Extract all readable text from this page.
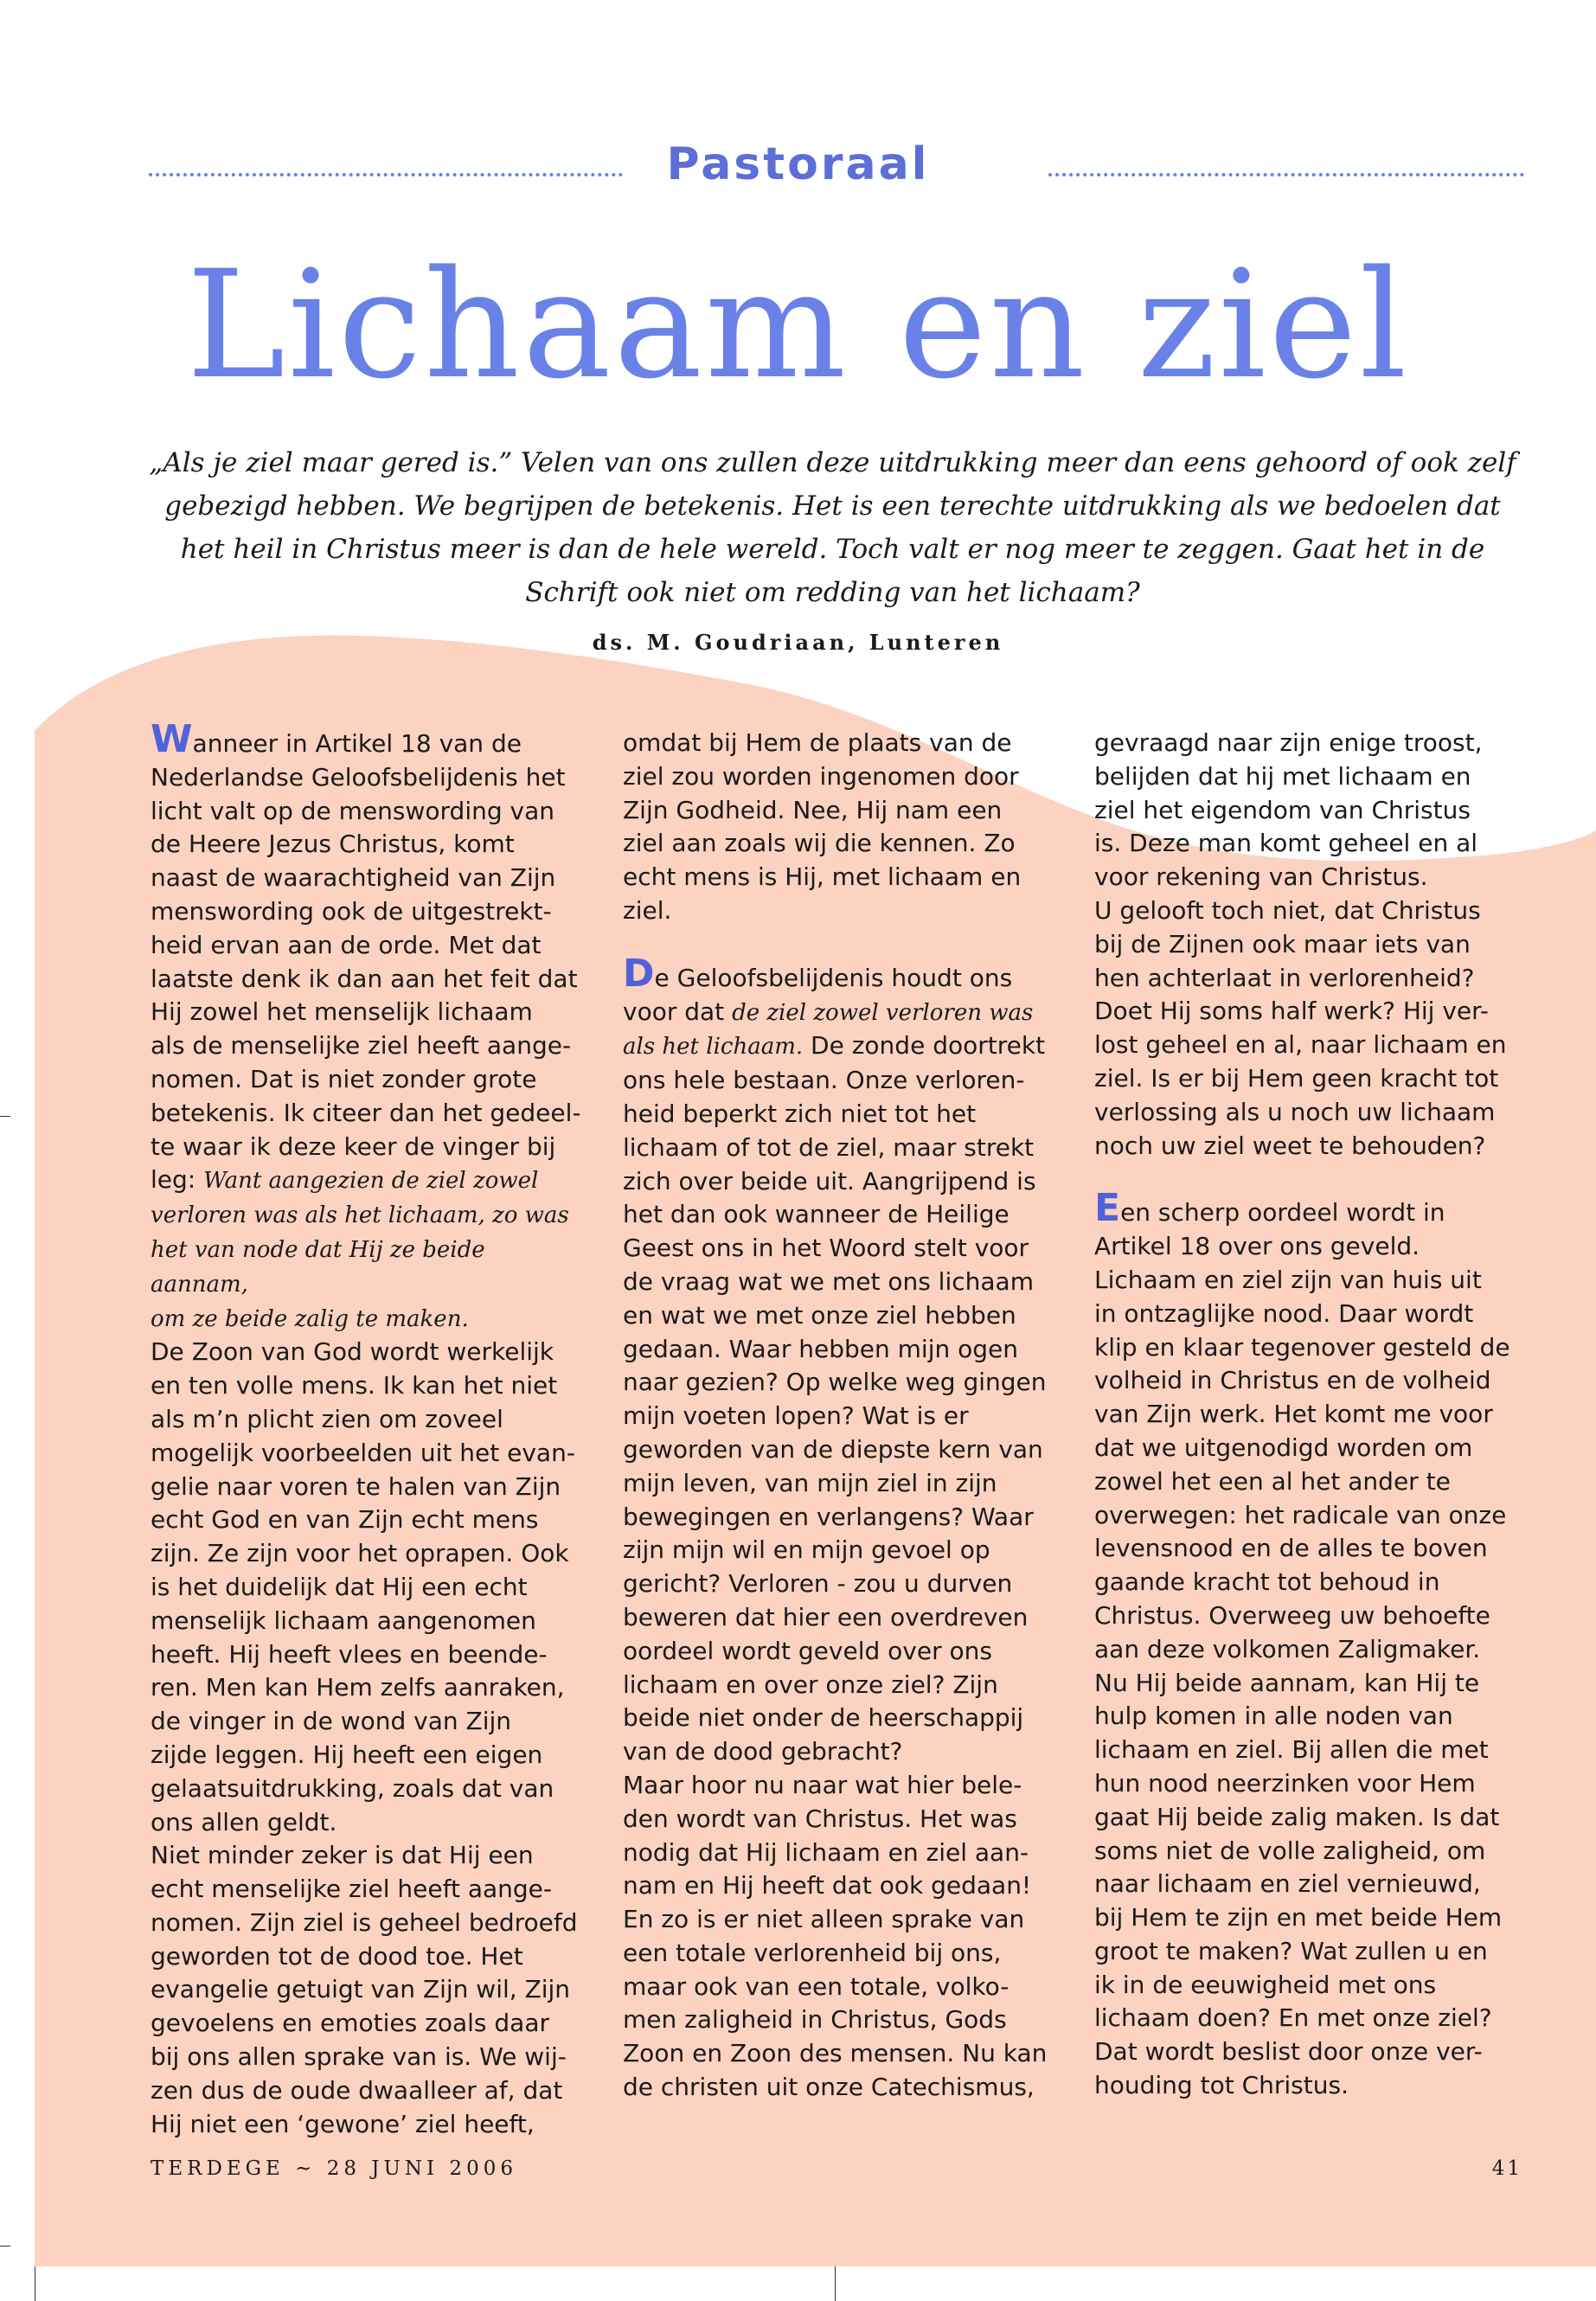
Pastoraal
Lichaam en ziel
„Als je ziel maar gered is.” Velen van ons zullen deze uitdrukking meer dan eens gehoord of ook zelf gebezigd hebben. We begrijpen de betekenis. Het is een terechte uitdrukking als we bedoelen dat het heil in Christus meer is dan de hele wereld. Toch valt er nog meer te zeggen. Gaat het in de Schrift ook niet om redding van het lichaam?
ds. M. Goudriaan, Lunteren

Wanneer in Artikel 18 van de
Nederlandse Geloofsbelijdenis het
licht valt op de menswording van
de Heere Jezus Christus, komt
naast de waarachtigheid van Zijn
menswording ook de uitgestrekt-
heid ervan aan de orde. Met dat
laatste denk ik dan aan het feit dat
Hij zowel het menselijk lichaam
als de menselijke ziel heeft aange-
nomen. Dat is niet zonder grote
betekenis. Ik citeer dan het gedeel-
te waar ik deze keer de vinger bij
leg: Want aangezien de ziel zowel
verloren was als het lichaam, zo was
het van node dat Hij ze beide aannam,
om ze beide zalig te maken.

De Zoon van God wordt werkelijk
en ten volle mens. Ik kan het niet
als m’n plicht zien om zoveel
mogelijk voorbeelden uit het evan-
gelie naar voren te halen van Zijn
echt God en van Zijn echt mens
zijn. Ze zijn voor het oprapen. Ook
is het duidelijk dat Hij een echt
menselijk lichaam aangenomen
heeft. Hij heeft vlees en beende-
ren. Men kan Hem zelfs aanraken,
de vinger in de wond van Zijn
zijde leggen. Hij heeft een eigen
gelaatsuitdrukking, zoals dat van
ons allen geldt.

Niet minder zeker is dat Hij een
echt menselijke ziel heeft aange-
nomen. Zijn ziel is geheel bedroefd
geworden tot de dood toe. Het
evangelie getuigt van Zijn wil, Zijn
gevoelens en emoties zoals daar
bij ons allen sprake van is. We wij-
zen dus de oude dwaalleer af, dat
Hij niet een ‘gewone’ ziel heeft,

omdat bij Hem de plaats van de
ziel zou worden ingenomen door
Zijn Godheid. Nee, Hij nam een
ziel aan zoals wij die kennen. Zo
echt mens is Hij, met lichaam en
ziel.

De Geloofsbelijdenis houdt ons
voor dat de ziel zowel verloren was
als het lichaam. De zonde doortrekt
ons hele bestaan. Onze verloren-
heid beperkt zich niet tot het
lichaam of tot de ziel, maar strekt
zich over beide uit. Aangrijpend is
het dan ook wanneer de Heilige
Geest ons in het Woord stelt voor
de vraag wat we met ons lichaam
en wat we met onze ziel hebben
gedaan. Waar hebben mijn ogen
naar gezien? Op welke weg gingen
mijn voeten lopen? Wat is er
geworden van de diepste kern van
mijn leven, van mijn ziel in zijn
bewegingen en verlangens? Waar
zijn mijn wil en mijn gevoel op
gericht? Verloren - zou u durven
beweren dat hier een overdreven
oordeel wordt geveld over ons
lichaam en over onze ziel? Zijn
beide niet onder de heerschappij
van de dood gebracht?

Maar hoor nu naar wat hier bele-
den wordt van Christus. Het was
nodig dat Hij lichaam en ziel aan-
nam en Hij heeft dat ook gedaan!
En zo is er niet alleen sprake van
een totale verlorenheid bij ons,
maar ook van een totale, volko-
men zaligheid in Christus, Gods
Zoon en Zoon des mensen. Nu kan
de christen uit onze Catechismus,

gevraagd naar zijn enige troost,
belijden dat hij met lichaam en
ziel het eigendom van Christus
is. Deze man komt geheel en al
voor rekening van Christus.

U gelooft toch niet, dat Christus
bij de Zijnen ook maar iets van
hen achterlaat in verlorenheid?
Doet Hij soms half werk? Hij ver-
lost geheel en al, naar lichaam en
ziel. Is er bij Hem geen kracht tot
verlossing als u noch uw lichaam
noch uw ziel weet te behouden?

Een scherp oordeel wordt in
Artikel 18 over ons geveld.
Lichaam en ziel zijn van huis uit
in ontzaglijke nood. Daar wordt
klip en klaar tegenover gesteld de
volheid in Christus en de volheid
van Zijn werk. Het komt me voor
dat we uitgenodigd worden om
zowel het een al het ander te
overwegen: het radicale van onze
levensnood en de alles te boven
gaande kracht tot behoud in
Christus. Overweeg uw behoefte
aan deze volkomen Zaligmaker.
Nu Hij beide aannam, kan Hij te
hulp komen in alle noden van
lichaam en ziel. Bij allen die met
hun nood neerzinken voor Hem
gaat Hij beide zalig maken. Is dat
soms niet de volle zaligheid, om
naar lichaam en ziel vernieuwd,
bij Hem te zijn en met beide Hem
groot te maken? Wat zullen u en
ik in de eeuwigheid met ons
lichaam doen? En met onze ziel?
Dat wordt beslist door onze ver-
houding tot Christus.

TERDEGE ~ 28 JUNI 2006	41
